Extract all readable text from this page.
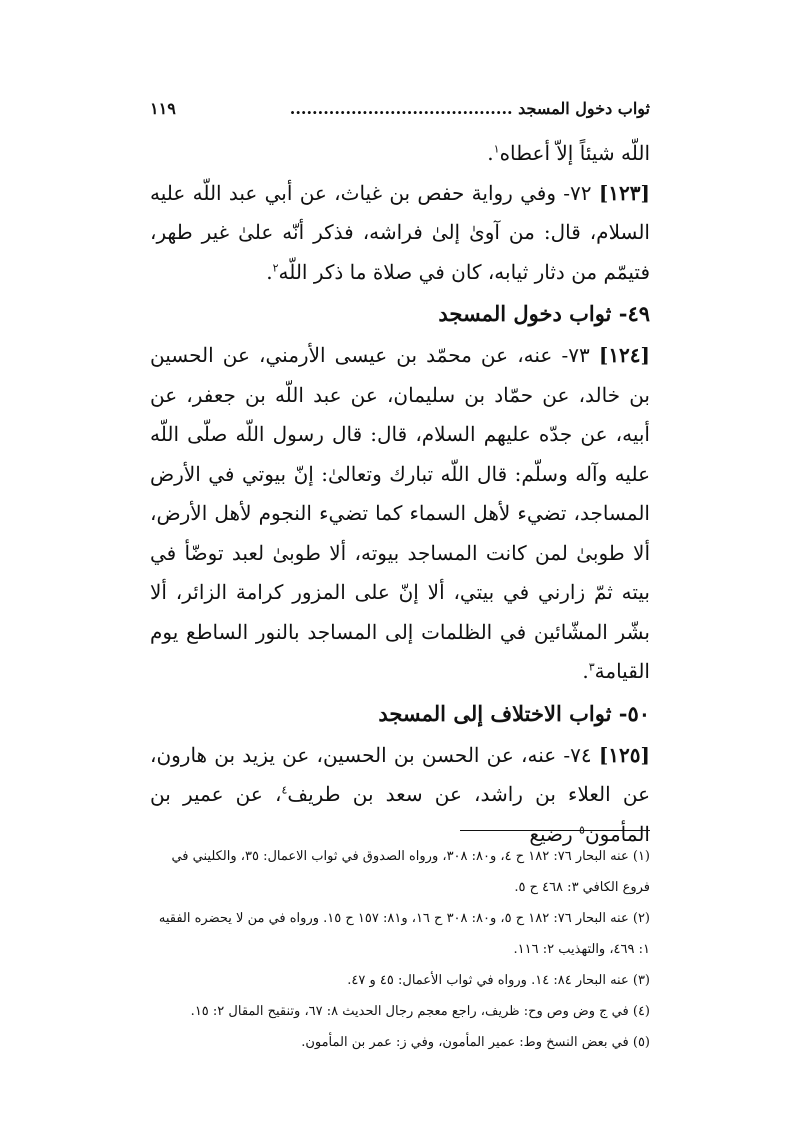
ثواب دخول المسجد ........................................
١١٩

اللّه شيئاً إلاّ أعطاه$^١$.

[١٢٣] ٧٢- وفي رواية حفص بن غياث، عن أبي عبد اللّه عليه السلام، قال: من آوىٰ إلىٰ فراشه، فذكر أنّه علىٰ غير طهر، فتيمّم من دثار ثيابه، كان في صلاة ما ذكر اللّه$^٢$.

٤٩- ثواب دخول المسجد

[١٢٤] ٧٣- عنه، عن محمّد بن عيسى الأرمني، عن الحسين بن خالد، عن حمّاد بن سليمان، عن عبد اللّه بن جعفر، عن أبيه، عن جدّه عليهم السلام، قال: قال رسول اللّه صلّى اللّه عليه وآله وسلّم: قال اللّه تبارك وتعالىٰ: إنّ بيوتي في الأرض المساجد، تضيء لأهل السماء كما تضيء النجوم لأهل الأرض، ألا طوبىٰ لمن كانت المساجد بيوته، ألا طوبىٰ لعبد توضّأ في بيته ثمّ زارني في بيتي، ألا إنّ على المزور كرامة الزائر، ألا بشّر المشّائين في الظلمات إلى المساجد بالنور الساطع يوم القيامة$^٣$.

٥٠- ثواب الاختلاف إلى المسجد

[١٢٥] ٧٤- عنه، عن الحسن بن الحسين، عن يزيد بن هارون، عن العلاء بن راشد، عن سعد بن طريف$^٤$، عن عمير بن المأمون$^٥$ رضيع

(١) عنه البحار ٧٦: ١٨٢ ح ٤، و٨٠: ٣٠٨، ورواه الصدوق في ثواب الاعمال: ٣٥، والكليني في فروع الكافي ٣: ٤٦٨ ح ٥.

(٢) عنه البحار ٧٦: ١٨٢ ح ٥، و٨٠: ٣٠٨ ح ١٦، و٨١: ١٥٧ ح ١٥. ورواه في من لا يحضره الفقيه ١: ٤٦٩، والتهذيب ٢: ١١٦.

(٣) عنه البحار ٨٤: ١٤. ورواه في ثواب الأعمال: ٤٥ و ٤٧.

(٤) في ج وض وص وح: ظريف، راجع معجم رجال الحديث ٨: ٦٧، وتنقيح المقال ٢: ١٥.

(٥) في بعض النسخ وط: عمير المأمون، وفي ز: عمر بن المأمون.
